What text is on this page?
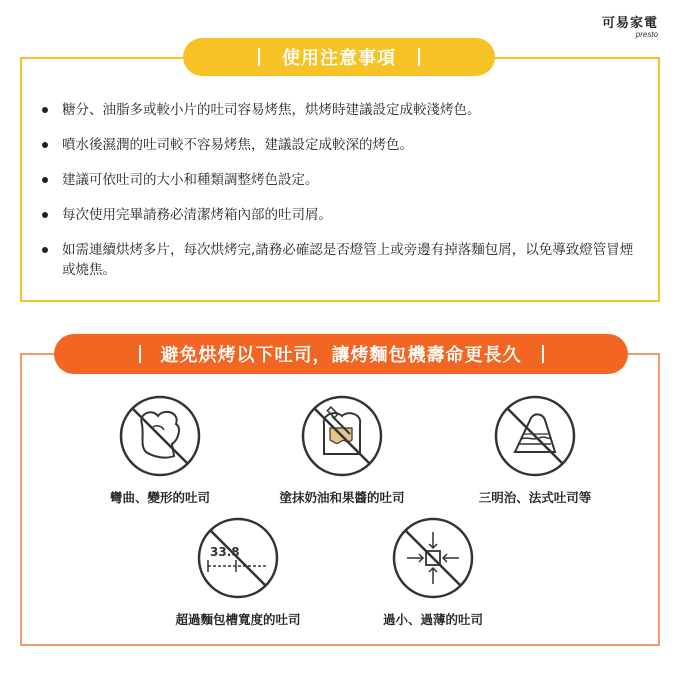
可易家電
presto
使用注意事項
糖分、油脂多或較小片的吐司容易烤焦，烘烤時建議設定成較淺烤色。
噴水後濕潤的吐司較不容易烤焦，建議設定成較深的烤色。
建議可依吐司的大小和種類調整烤色設定。
每次使用完畢請務必清潔烤箱內部的吐司屑。
如需連續烘烤多片，每次烘烤完,請務必確認是否燈管上或旁邊有掉落麵包屑，以免導致燈管冒煙或燒焦。
避免烘烤以下吐司，讓烤麵包機壽命更長久
彎曲、變形的吐司	塗抹奶油和果醬的吐司	三明治、法式吐司等
33.8
超過麵包槽寬度的吐司	過小、過薄的吐司
